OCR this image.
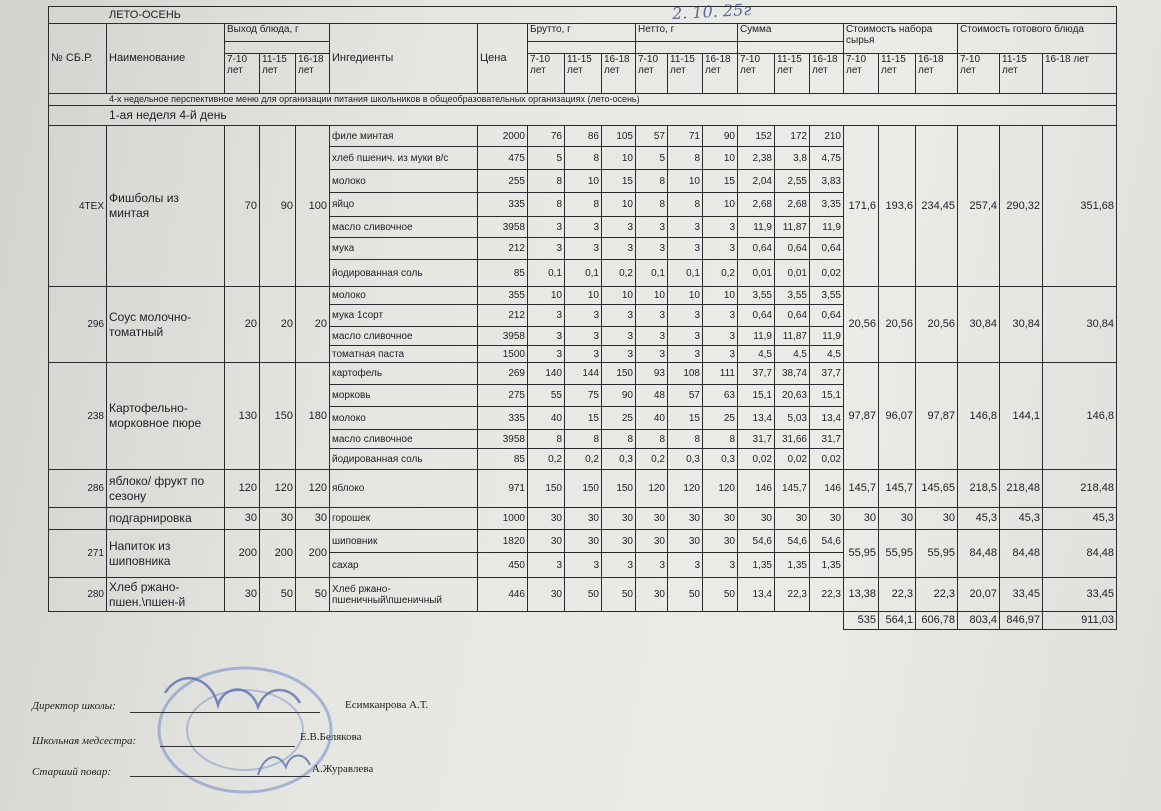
2. 10. 25г
ЛЕТО-ОСЕНЬ																					
№ СБ.Р.	Наименование	Выход блюда, г			Ингедиенты	Цена	Брутто, г			Нетто, г			Сумма			Стоимость набора сырья			Стоимость готового блюда		

		7-10 лет	11-15 лет	16-18 лет			7-10 лет	11-15 лет	16-18 лет	7-10 лет	11-15 лет	16-18 лет	7-10 лет	11-15 лет	16-18 лет	7-10 лет	11-15 лет	16-18 лет	7-10 лет	11-15 лет	16-18 лет
4-х недельное перспективное меню для организации питания школьников в общеобразовательных организациях (лето-осень)																					
1-ая неделя 4-й день																					
4ТЕХ	Фишболы из минтая	70	90	100	филе минтая	2000	76	86	105	57	71	90	152	172	210	171,6	193,6	234,45	257,4	290,32	351,68
					хлеб пшенич. из муки в/с	475	5	8	10	5	8	10	2,38	3,8	4,75						
					молоко	255	8	10	15	8	10	15	2,04	2,55	3,83						
					яйцо	335	8	8	10	8	8	10	2,68	2,68	3,35						
					масло сливочное	3958	3	3	3	3	3	3	11,9	11,87	11,9						
					мука	212	3	3	3	3	3	3	0,64	0,64	0,64						
					йодированная соль	85	0,1	0,1	0,2	0,1	0,1	0,2	0,01	0,01	0,02						
296	Соус молочно-томатный	20	20	20	молоко	355	10	10	10	10	10	10	3,55	3,55	3,55	20,56	20,56	20,56	30,84	30,84	30,84
					мука 1сорт	212	3	3	3	3	3	3	0,64	0,64	0,64						
					масло сливочное	3958	3	3	3	3	3	3	11,9	11,87	11,9						
					томатная паста	1500	3	3	3	3	3	3	4,5	4,5	4,5						
238	Картофельно-морковное пюре	130	150	180	картофель	269	140	144	150	93	108	111	37,7	38,74	37,7	97,87	96,07	97,87	146,8	144,1	146,8
					морковь	275	55	75	90	48	57	63	15,1	20,63	15,1						
					молоко	335	40	15	25	40	15	25	13,4	5,03	13,4						
					масло сливочное	3958	8	8	8	8	8	8	31,7	31,66	31,7						
					йодированная соль	85	0,2	0,2	0,3	0,2	0,3	0,3	0,02	0,02	0,02						
286	яблоко/ фрукт по сезону	120	120	120	яблоко	971	150	150	150	120	120	120	146	145,7	146	145,7	145,7	145,65	218,5	218,48	218,48
	подгарнировка	30	30	30	горошек	1000	30	30	30	30	30	30	30	30	30	30	30	30	45,3	45,3	45,3
271	Напиток из шиповника	200	200	200	шиповник	1820	30	30	30	30	30	30	54,6	54,6	54,6	55,95	55,95	55,95	84,48	84,48	84,48
					сахар	450	3	3	3	3	3	3	1,35	1,35	1,35						
280	Хлеб ржано-пшен.\пшен-й	30	50	50	Хлеб ржано-пшеничный\пшеничный	446	30	50	50	30	50	50	13,4	22,3	22,3	13,38	22,3	22,3	20,07	33,45	33,45
																535	564,1	606,78	803,4	846,97	911,03
Директор школы:	Есимканрова А.Т.
Школьная медсестра:	Е.В.Белякова
Старший повар:	А.Журавлева
